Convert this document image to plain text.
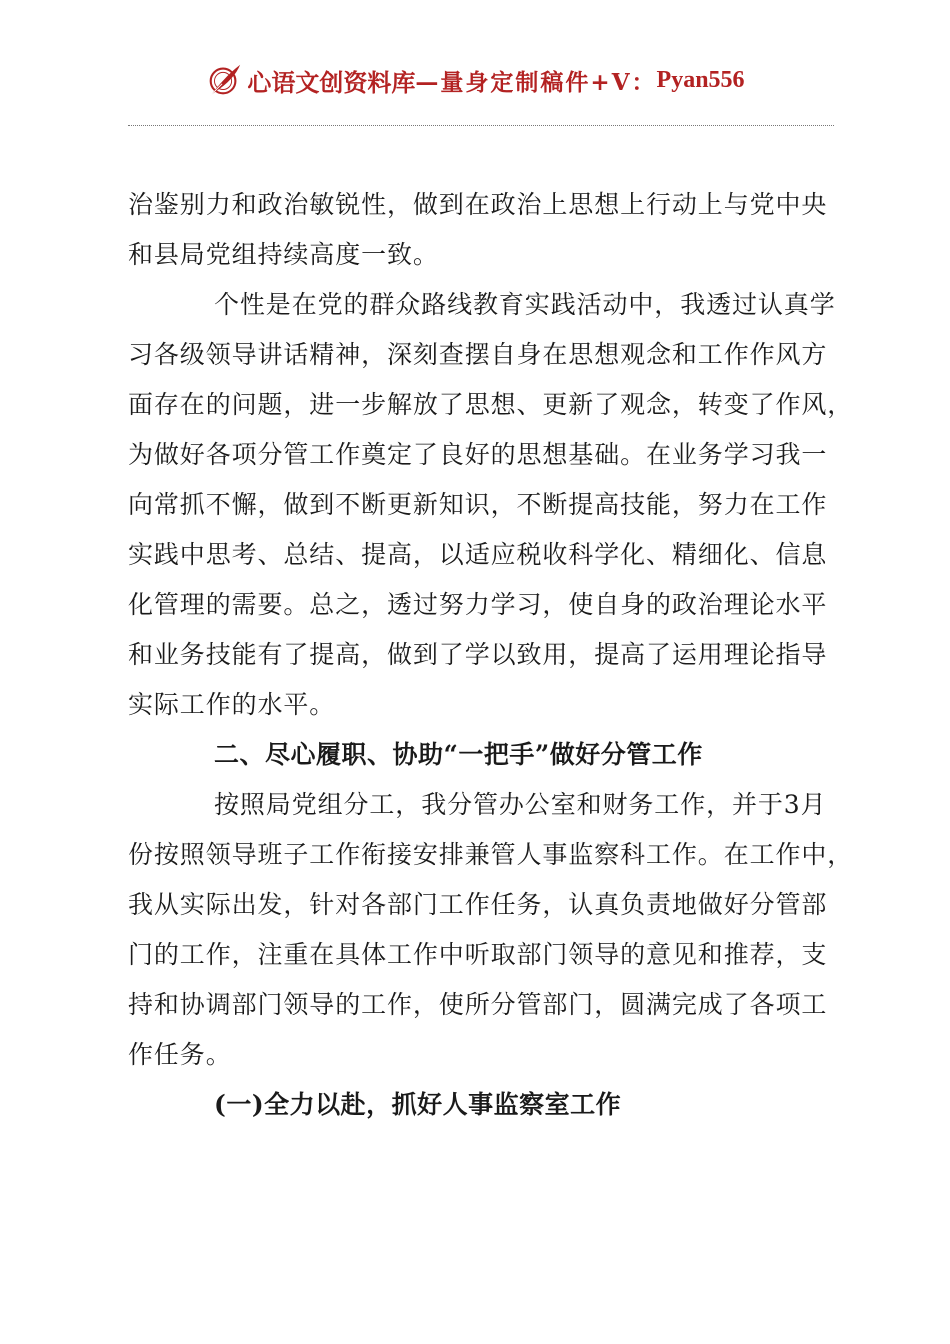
心语文创资料库 —量身定制稿件+V： Pyan556
治鉴别力和政治敏锐性，做到在政治上思想上行动上与党中央
和县局党组持续高度一致。
个性是在党的群众路线教育实践活动中，我透过认真学
习各级领导讲话精神，深刻查摆自身在思想观念和工作作风方
面存在的问题，进一步解放了思想、更新了观念，转变了作风，
为做好各项分管工作奠定了良好的思想基础。在业务学习我一
向常抓不懈，做到不断更新知识，不断提高技能，努力在工作
实践中思考、总结、提高，以适应税收科学化、精细化、信息
化管理的需要。总之，透过努力学习，使自身的政治理论水平
和业务技能有了提高，做到了学以致用，提高了运用理论指导
实际工作的水平。
二、尽心履职、协助“一把手”做好分管工作
按照局党组分工，我分管办公室和财务工作，并于3月
份按照领导班子工作衔接安排兼管人事监察科工作。在工作中，
我从实际出发，针对各部门工作任务，认真负责地做好分管部
门的工作，注重在具体工作中听取部门领导的意见和推荐，支
持和协调部门领导的工作，使所分管部门，圆满完成了各项工
作任务。
(一)全力以赴，抓好人事监察室工作
